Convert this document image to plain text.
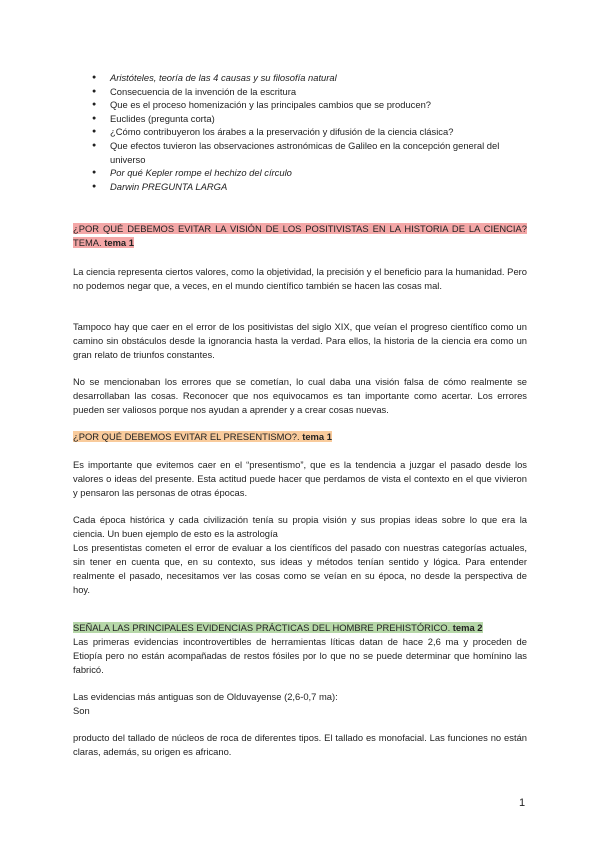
● Aristóteles, teoría de las 4 causas y su filosofía natural
● Consecuencia de la invención de la escritura
● Que es el proceso homenización y las principales cambios que se producen?
● Euclides (pregunta corta)
● ¿Cómo contribuyeron los árabes a la preservación y difusión de la ciencia clásica?
● Que efectos tuvieron las observaciones astronómicas de Galileo en la concepción general del universo
● Por qué Kepler rompe el hechizo del círculo
● Darwin PREGUNTA LARGA

¿POR QUÉ DEBEMOS EVITAR LA VISIÓN DE LOS POSITIVISTAS EN LA HISTORIA DE LA CIENCIA? TEMA. tema 1

La ciencia representa ciertos valores, como la objetividad, la precisión y el beneficio para la humanidad. Pero no podemos negar que, a veces, en el mundo científico también se hacen las cosas mal.

Tampoco hay que caer en el error de los positivistas del siglo XIX, que veían el progreso científico como un camino sin obstáculos desde la ignorancia hasta la verdad. Para ellos, la historia de la ciencia era como un gran relato de triunfos constantes.

No se mencionaban los errores que se cometían, lo cual daba una visión falsa de cómo realmente se desarrollaban las cosas. Reconocer que nos equivocamos es tan importante como acertar. Los errores pueden ser valiosos porque nos ayudan a aprender y a crear cosas nuevas.

¿POR QUÉ DEBEMOS EVITAR EL PRESENTISMO?. tema 1

Es importante que evitemos caer en el “presentismo”, que es la tendencia a juzgar el pasado desde los valores o ideas del presente. Esta actitud puede hacer que perdamos de vista el contexto en el que vivieron y pensaron las personas de otras épocas.

Cada época histórica y cada civilización tenía su propia visión y sus propias ideas sobre lo que era la ciencia. Un buen ejemplo de esto es la astrología

Los presentistas cometen el error de evaluar a los científicos del pasado con nuestras categorías actuales, sin tener en cuenta que, en su contexto, sus ideas y métodos tenían sentido y lógica. Para entender realmente el pasado, necesitamos ver las cosas como se veían en su época, no desde la perspectiva de hoy.

SEÑALA LAS PRINCIPALES EVIDENCIAS PRÁCTICAS DEL HOMBRE PREHISTÓRICO. tema 2

Las primeras evidencias incontrovertibles de herramientas líticas datan de hace 2,6 ma y proceden de Etiopía pero no están acompañadas de restos fósiles por lo que no se puede determinar que homínino las fabricó.

Las evidencias más antiguas son de Olduvayense (2,6-0,7 ma):

Son

producto del tallado de núcleos de roca de diferentes tipos. El tallado es monofacial. Las funciones no están claras, además, su origen es africano.

1
